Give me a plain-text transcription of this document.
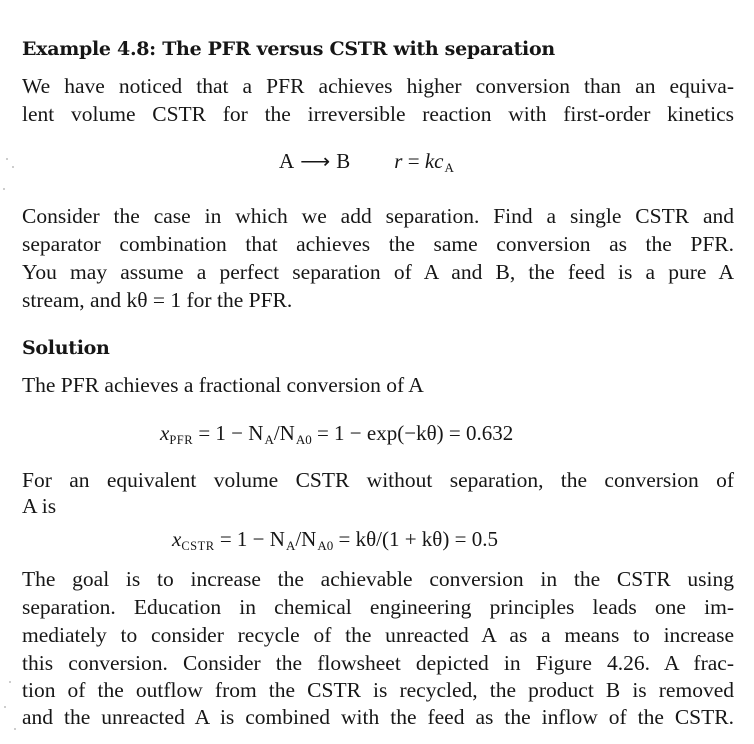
Example 4.8: The PFR versus CSTR with separation
We have noticed that a PFR achieves higher conversion than an equiva-
lent volume CSTR for the irreversible reaction with first-order kinetics
A ⟶ B r = kcA
Consider the case in which we add separation. Find a single CSTR and
separator combination that achieves the same conversion as the PFR.
You may assume a perfect separation of A and B, the feed is a pure A
stream, and kθ = 1 for the PFR.
Solution
The PFR achieves a fractional conversion of A
xPFR = 1 − NA/NA0 = 1 − exp(−kθ) = 0.632
For an equivalent volume CSTR without separation, the conversion of
A is
xCSTR = 1 − NA/NA0 = kθ/(1 + kθ) = 0.5
The goal is to increase the achievable conversion in the CSTR using
separation. Education in chemical engineering principles leads one im-
mediately to consider recycle of the unreacted A as a means to increase
this conversion. Consider the flowsheet depicted in Figure 4.26. A frac-
tion of the outflow from the CSTR is recycled, the product B is removed
and the unreacted A is combined with the feed as the inflow of the CSTR.
